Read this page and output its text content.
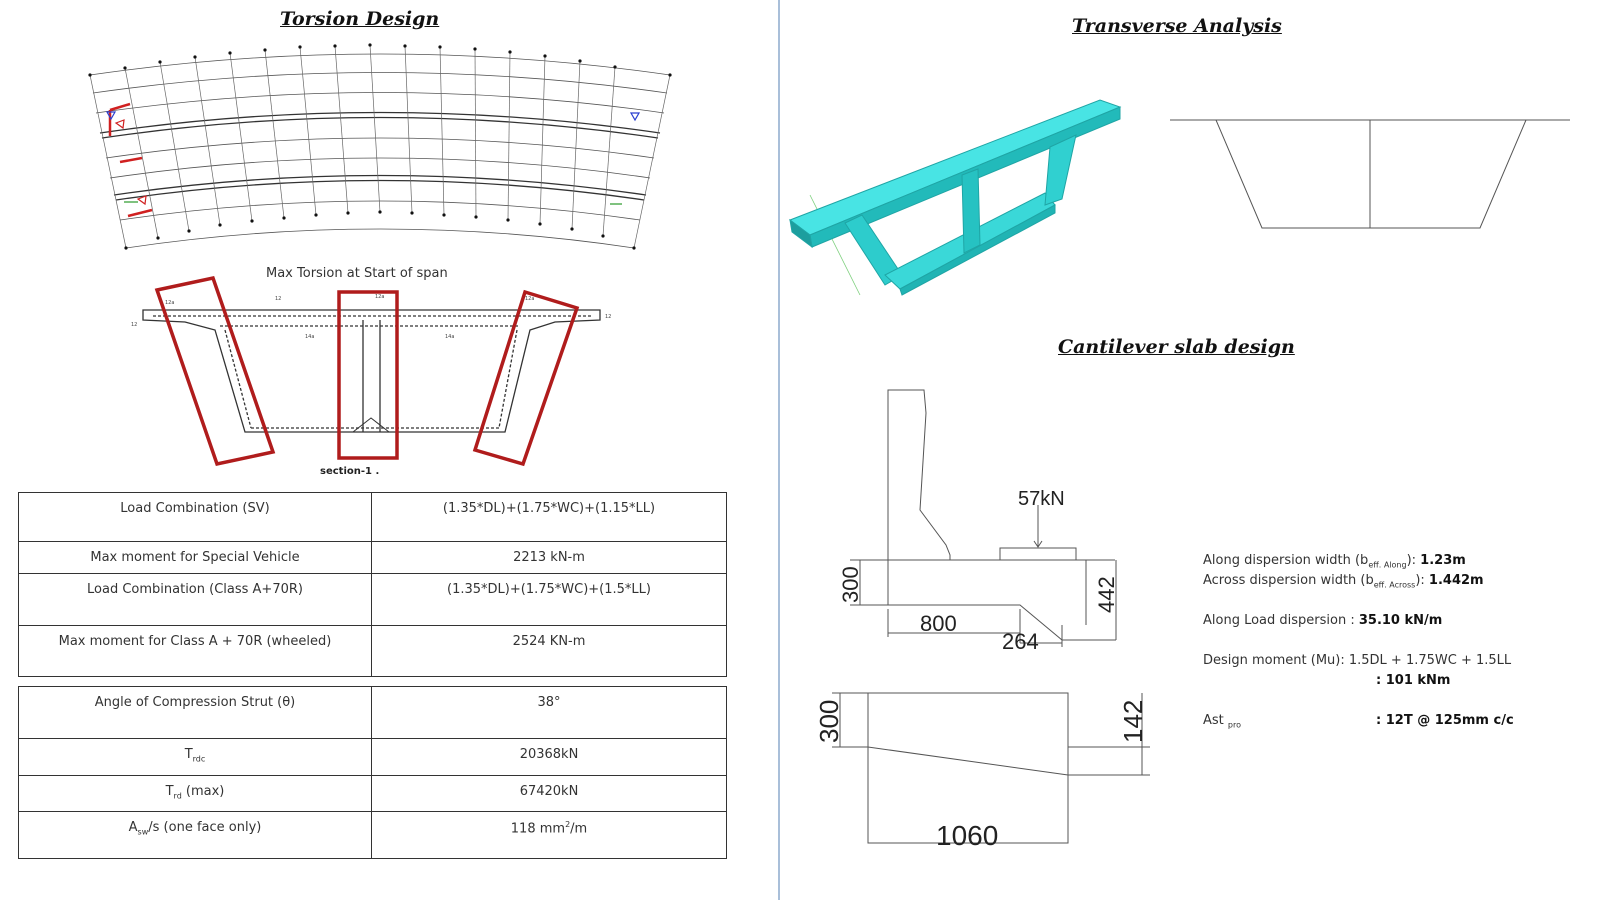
Torsion Design
Max Torsion at Start of span
12a
12	12a	12a
12
12
14a	14a
section-1 .
Load Combination (SV)	(1.35*DL)+(1.75*WC)+(1.15*LL)
Max moment for Special Vehicle	2213 kN-m
Load Combination (Class A+70R)	(1.35*DL)+(1.75*WC)+(1.5*LL)
Max moment for Class A + 70R (wheeled)	2524 KN-m
Angle of Compression Strut (θ)	38°
$T_{rdc}$	20368kN
$T_{rd}$ (max)	67420kN
$A_{sw}/s$ (one face only)	118 $mm^2/m$
Transverse Analysis
Cantilever slab design
57kN
300	442
800
264
300	142
1060
Along dispersion width $(b_{eff. Along})$: 1.23m
Across dispersion width $(b_{eff. Across})$: 1.442m
Along Load dispersion : 35.10 kN/m
Design moment (Mu): 1.5DL + 1.75WC + 1.5LL
: 101 kNm
Ast $_{pro}$	: 12T @ 125mm c/c
